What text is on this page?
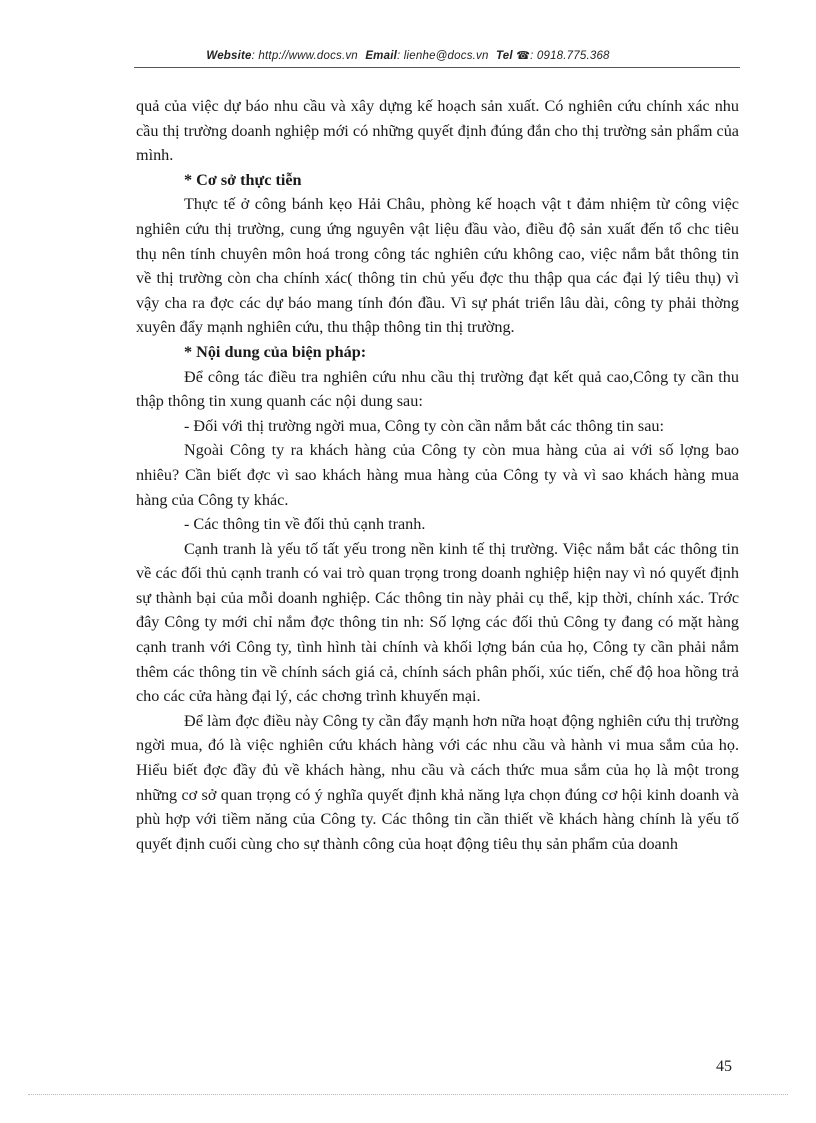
Website: http://www.docs.vn Email: lienhe@docs.vn Tel ☎: 0918.775.368

quả của việc dự báo nhu cầu và xây dựng kế hoạch sản xuất. Có nghiên cứu chính xác nhu cầu thị trường doanh nghiệp mới có những quyết định đúng đắn cho thị trường sản phẩm của mình.

* Cơ sở thực tiễn

Thực tế ở công bánh kẹo Hải Châu, phòng kế hoạch vật t đảm nhiệm từ công việc nghiên cứu thị trường, cung ứng nguyên vật liệu đầu vào, điều độ sản xuất đến tổ chc tiêu thụ nên tính chuyên môn hoá trong công tác nghiên cứu không cao, việc nắm bắt thông tin về thị trường còn cha chính xác( thông tin chủ yếu đợc thu thập qua các đại lý tiêu thụ) vì vậy cha ra đợc các dự báo mang tính đón đầu. Vì sự phát triển lâu dài, công ty phải thờng xuyên đẩy mạnh nghiên cứu, thu thập thông tin thị trường.

* Nội dung của biện pháp:

Để công tác điều tra nghiên cứu nhu cầu thị trường đạt kết quả cao,Công ty cần thu thập thông tin xung quanh các nội dung sau:

- Đối với thị trường ngời mua, Công ty còn cần nắm bắt các thông tin sau:

Ngoài Công ty ra khách hàng của Công ty còn mua hàng của ai với số lợng bao nhiêu? Cần biết đợc vì sao khách hàng mua hàng của Công ty và vì sao khách hàng mua hàng của Công ty khác.

- Các thông tin về đối thủ cạnh tranh.

Cạnh tranh là yếu tố tất yếu trong nền kinh tế thị trường. Việc nắm bắt các thông tin về các đối thủ cạnh tranh có vai trò quan trọng trong doanh nghiệp hiện nay vì nó quyết định sự thành bại của mỗi doanh nghiệp. Các thông tin này phải cụ thể, kịp thời, chính xác. Trớc đây Công ty mới chỉ nắm đợc thông tin nh: Số lợng các đối thủ Công ty đang có mặt hàng cạnh tranh với Công ty, tình hình tài chính và khối lợng bán của họ, Công ty cần phải nắm thêm các thông tin về chính sách giá cả, chính sách phân phối, xúc tiến, chế độ hoa hồng trả cho các cửa hàng đại lý, các chơng trình khuyến mại.

Để làm đợc điều này Công ty cần đẩy mạnh hơn nữa hoạt động nghiên cứu thị trường ngời mua, đó là việc nghiên cứu khách hàng với các nhu cầu và hành vi mua sắm của họ. Hiểu biết đợc đầy đủ về khách hàng, nhu cầu và cách thức mua sắm của họ là một trong những cơ sở quan trọng có ý nghĩa quyết định khả năng lựa chọn đúng cơ hội kinh doanh và phù hợp với tiềm năng của Công ty. Các thông tin cần thiết về khách hàng chính là yếu tố quyết định cuối cùng cho sự thành công của hoạt động tiêu thụ sản phẩm của doanh

45
